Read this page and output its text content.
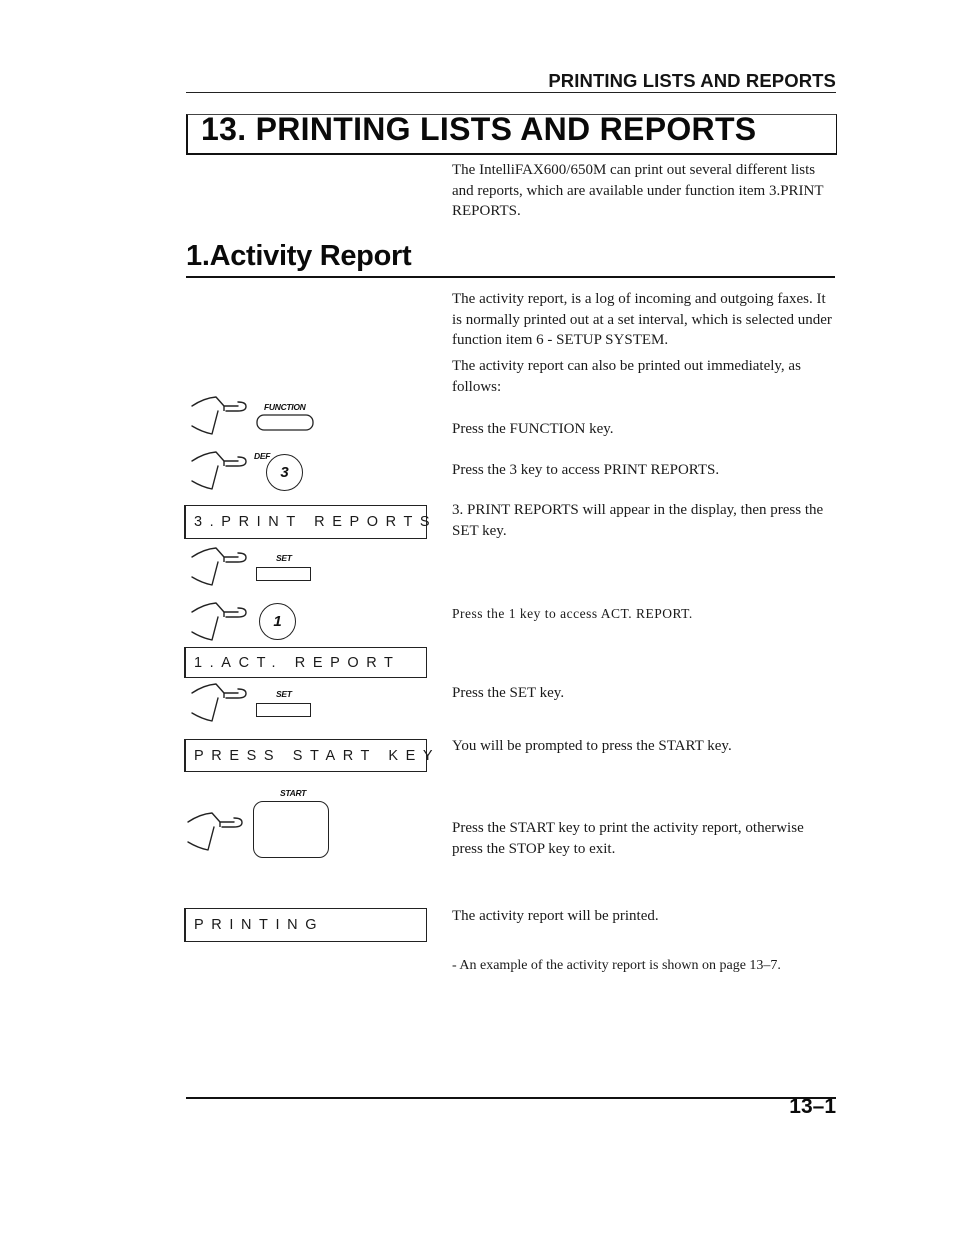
PRINTING LISTS AND REPORTS
13. PRINTING LISTS AND REPORTS
The IntelliFAX600/650M can print out several different lists and reports, which are available under function item 3.PRINT REPORTS.
1.Activity Report
The activity report, is a log of incoming and outgoing faxes. It is normally printed out at a set interval, which is selected under function item 6 - SETUP SYSTEM.
The activity report can also be printed out immediately, as follows:
FUNCTION
Press the FUNCTION key.
DEF
3	Press the 3 key to access PRINT REPORTS.
3.PRINT REPORTS
3. PRINT REPORTS will appear in the display, then press the SET key.
SET
1	Press the 1 key to access ACT. REPORT.
1.ACT. REPORT
SET	Press the SET key.
PRESS START KEY
You will be prompted to press the START key.
START
Press the START key to print the activity report, otherwise press the STOP key to exit.
PRINTING
The activity report will be printed.
- An example of the activity report is shown on page 13–7.
13–1
